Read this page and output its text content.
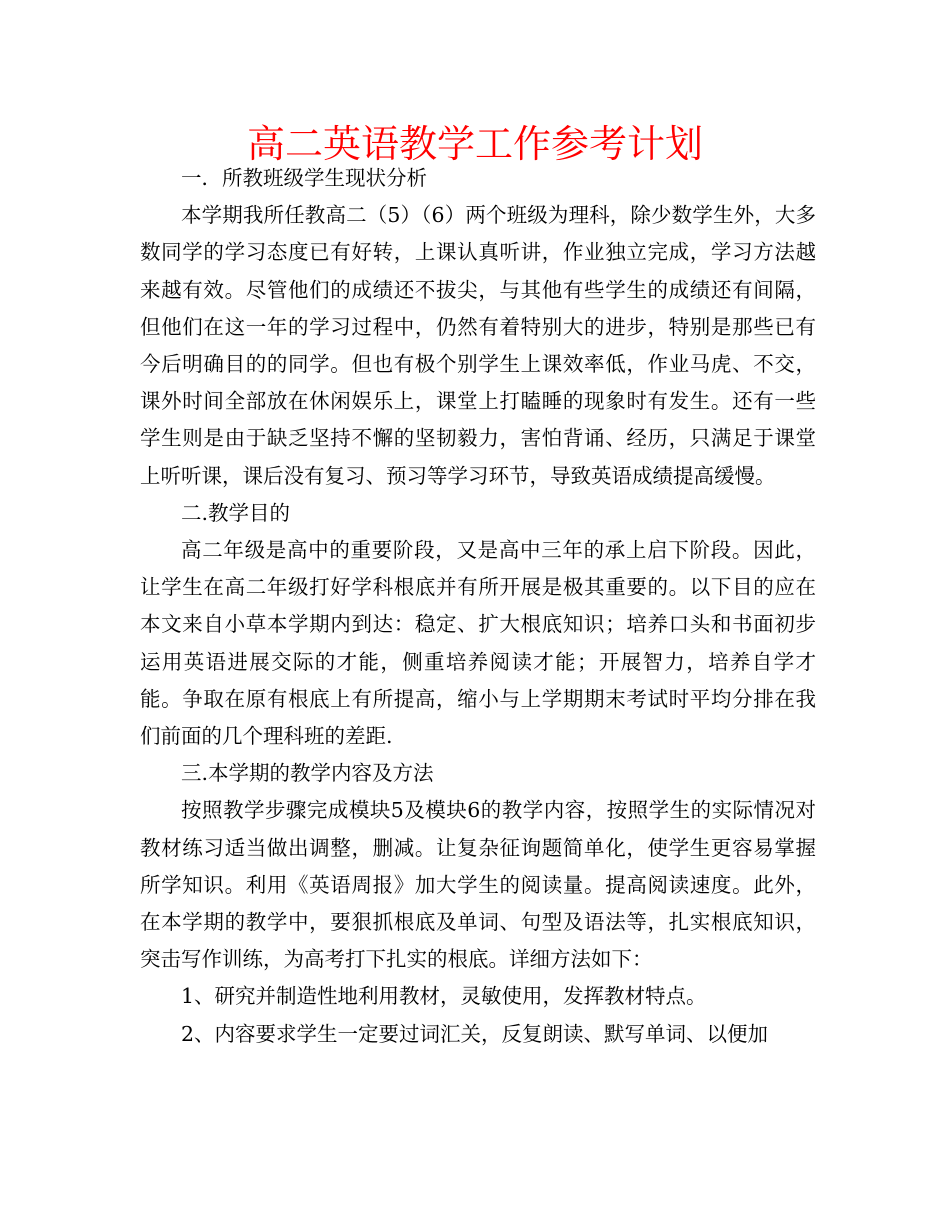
高二英语教学工作参考计划

一．所教班级学生现状分析

本学期我所任教高二（5）（6）两个班级为理科，除少数学生外，大多数同学的学习态度已有好转，上课认真听讲，作业独立完成，学习方法越来越有效。尽管他们的成绩还不拔尖，与其他有些学生的成绩还有间隔，但他们在这一年的学习过程中，仍然有着特别大的进步，特别是那些已有今后明确目的的同学。但也有极个别学生上课效率低，作业马虎、不交，课外时间全部放在休闲娱乐上，课堂上打瞌睡的现象时有发生。还有一些学生则是由于缺乏坚持不懈的坚韧毅力，害怕背诵、经历，只满足于课堂上听听课，课后没有复习、预习等学习环节，导致英语成绩提高缓慢。

二.教学目的

高二年级是高中的重要阶段，又是高中三年的承上启下阶段。因此，让学生在高二年级打好学科根底并有所开展是极其重要的。以下目的应在本文来自小草本学期内到达：稳定、扩大根底知识；培养口头和书面初步运用英语进展交际的才能，侧重培养阅读才能；开展智力，培养自学才能。争取在原有根底上有所提高，缩小与上学期期末考试时平均分排在我们前面的几个理科班的差距.

三.本学期的教学内容及方法

按照教学步骤完成模块5及模块6的教学内容，按照学生的实际情况对教材练习适当做出调整，删减。让复杂征询题简单化，使学生更容易掌握所学知识。利用《英语周报》加大学生的阅读量。提高阅读速度。此外，在本学期的教学中，要狠抓根底及单词、句型及语法等，扎实根底知识，突击写作训练，为高考打下扎实的根底。详细方法如下：

1、研究并制造性地利用教材，灵敏使用，发挥教材特点。

2、内容要求学生一定要过词汇关，反复朗读、默写单词、以便加
